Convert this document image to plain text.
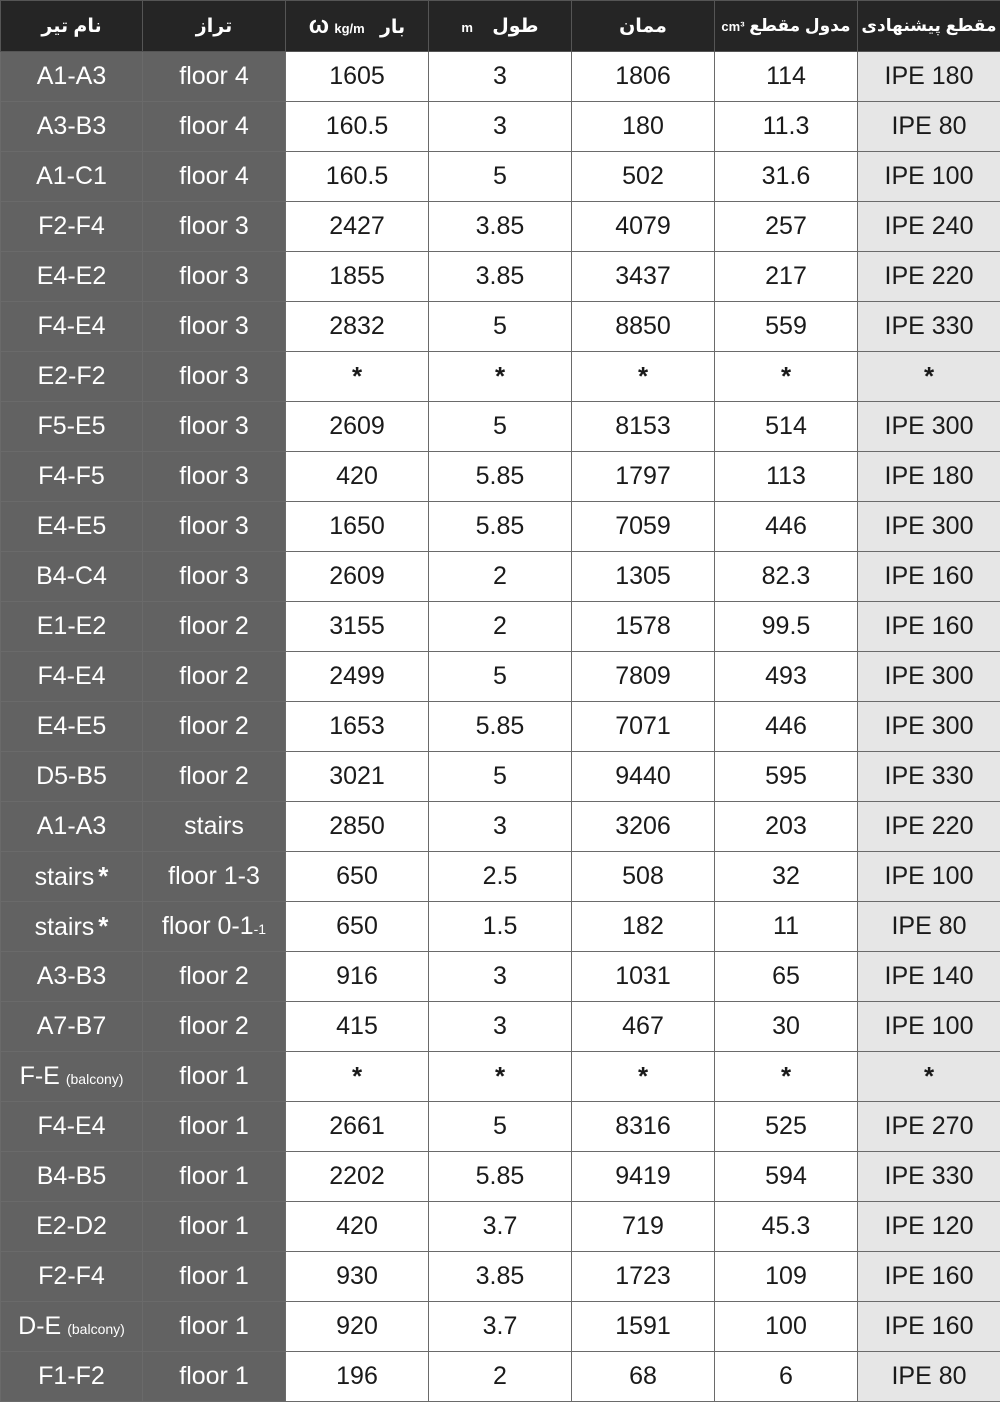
نام تیر	تراز	ω kg/m بار	m طول	ممان	cm³ مدول مقطع	مقطع پیشنهادی
A1-A3	floor 4	1605	3	1806	114	IPE 180
A3-B3	floor 4	160.5	3	180	11.3	IPE 80
A1-C1	floor 4	160.5	5	502	31.6	IPE 100
F2-F4	floor 3	2427	3.85	4079	257	IPE 240
E4-E2	floor 3	1855	3.85	3437	217	IPE 220
F4-E4	floor 3	2832	5	8850	559	IPE 330
E2-F2	floor 3	*	*	*	*	*
F5-E5	floor 3	2609	5	8153	514	IPE 300
F4-F5	floor 3	420	5.85	1797	113	IPE 180
E4-E5	floor 3	1650	5.85	7059	446	IPE 300
B4-C4	floor 3	2609	2	1305	82.3	IPE 160
E1-E2	floor 2	3155	2	1578	99.5	IPE 160
F4-E4	floor 2	2499	5	7809	493	IPE 300
E4-E5	floor 2	1653	5.85	7071	446	IPE 300
D5-B5	floor 2	3021	5	9440	595	IPE 330
A1-A3	stairs	2850	3	3206	203	IPE 220
stairs *	floor 1-3	650	2.5	508	32	IPE 100
stairs *	floor 0-1-1	650	1.5	182	11	IPE 80
A3-B3	floor 2	916	3	1031	65	IPE 140
A7-B7	floor 2	415	3	467	30	IPE 100
F-E (balcony)	floor 1	*	*	*	*	*
F4-E4	floor 1	2661	5	8316	525	IPE 270
B4-B5	floor 1	2202	5.85	9419	594	IPE 330
E2-D2	floor 1	420	3.7	719	45.3	IPE 120
F2-F4	floor 1	930	3.85	1723	109	IPE 160
D-E (balcony)	floor 1	920	3.7	1591	100	IPE 160
F1-F2	floor 1	196	2	68	6	IPE 80
